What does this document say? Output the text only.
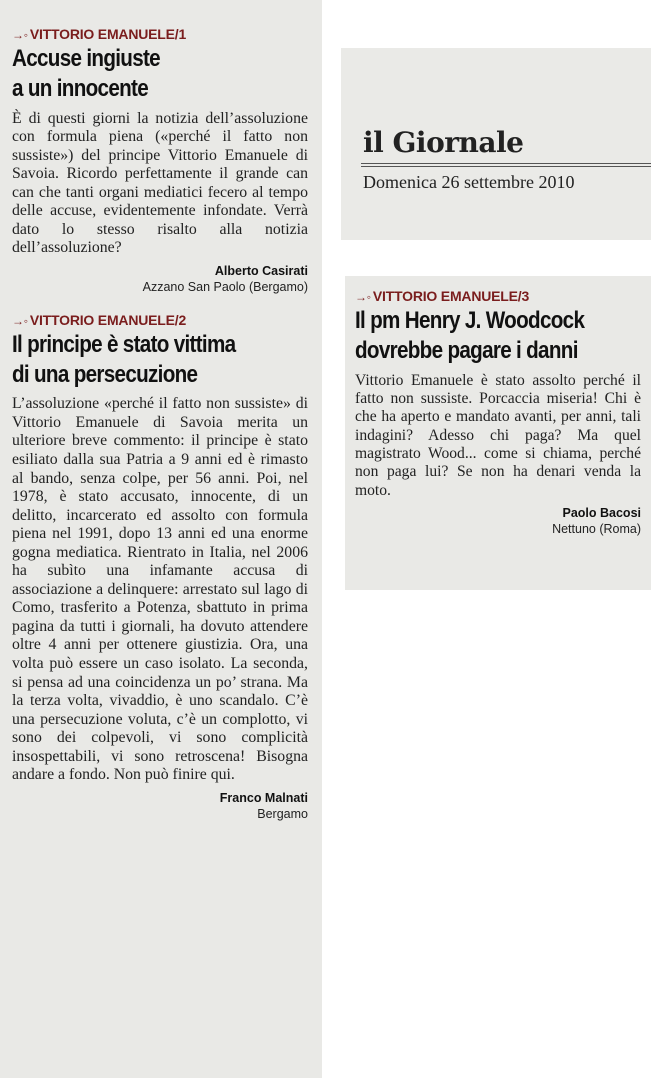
→◦ VITTORIO EMANUELE/1
Accuse ingiuste
a un innocente

È di questi giorni la notizia dell’assoluzione con formula piena («perché il fatto non sussiste») del principe Vittorio Emanuele di Savoia. Ricordo perfettamente il grande can can che tanti organi mediatici fecero al tempo delle accuse, evidentemente infondate. Verrà dato lo stesso risalto alla notizia dell’assoluzione?

Alberto Casirati
Azzano San Paolo (Bergamo)
→◦ VITTORIO EMANUELE/2
Il principe è stato vittima
di una persecuzione

L’assoluzione «perché il fatto non sussiste» di Vittorio Emanuele di Savoia merita un ulteriore breve commento: il principe è stato esiliato dalla sua Patria a 9 anni ed è rimasto al bando, senza colpe, per 56 anni. Poi, nel 1978, è stato accusato, innocente, di un delitto, incarcerato ed assolto con formula piena nel 1991, dopo 13 anni ed una enorme gogna mediatica. Rientrato in Italia, nel 2006 ha subìto una infamante accusa di associazione a delinquere: arrestato sul lago di Como, trasferito a Potenza, sbattuto in prima pagina da tutti i giornali, ha dovuto attendere oltre 4 anni per ottenere giustizia. Ora, una volta può essere un caso isolato. La seconda, si pensa ad una coincidenza un po’ strana. Ma la terza volta, vivaddio, è uno scandalo. C’è una persecuzione voluta, c’è un complotto, vi sono dei colpevoli, vi sono complicità insospettabili, vi sono retroscena! Bisogna andare a fondo. Non può finire qui.

Franco Malnati
Bergamo
il Giornale
Domenica 26 settembre 2010
→◦ VITTORIO EMANUELE/3
Il pm Henry J. Woodcock
dovrebbe pagare i danni

Vittorio Emanuele è stato assolto perché il fatto non sussiste. Porcaccia miseria! Chi è che ha aperto e mandato avanti, per anni, tali indagini? Adesso chi paga? Ma quel magistrato Wood... come si chiama, perché non paga lui? Se non ha denari venda la moto.

Paolo Bacosi
Nettuno (Roma)
